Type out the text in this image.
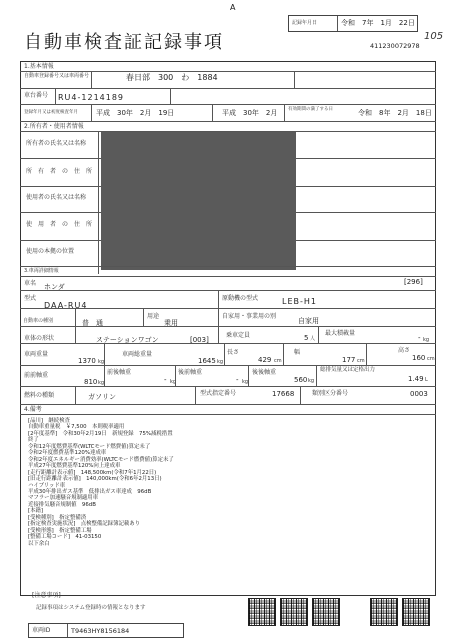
A
自動車検査証記録事項
記録年月日	令和　7年　1月　22日
105
411230072978
1.基本情報
自動車登録番号又は車両番号	春日部　300　わ　1884
車台番号 RU4-1214189
登録年月又は初度検査年月	平成　30年　2月　19日	平成　30年　2月 有効期間の満了する日	令和　8年　2月　18日
2.所有者・使用者情報
所有者の氏名又は名称
所　有　者　の　住　所
使用者の氏名又は名称
使　用　者　の　住　所
使用の本拠の位置
3.車両詳細情報
車名 ホンダ
[296]
型式
DAA-RU4
原動機の型式	LEB-H1
自動車の種別	普　通
用途
乗用
自家用・事業用の別
自家用
車体の形状	ステーションワゴン	[003]
乗車定員	5 人
最大積載量
- kg
車両重量
1370 kg
車両総重量
1645 kg
長さ
429 cm
幅
177 cm
高さ
160 cm
前前軸重
810 kg
前後軸重
- kg
後前軸重
- kg
後後軸重
560 kg
総排気量又は定格出力
1.49 L
燃料の種類	ガソリン	型式指定番号	17668	類別区分番号	0003
4.備考
[品川]　継続検査
自動車重量税　￥7,500　本則税率適用
[2年度基準]　令和30年2月19日　新規登録　75%減税措置
終了
令和12年度燃費基準(WLTCモード燃費値)算定未了
令和2年度燃費基準120%達成車
令和2年度エネルギー消費効率(WLTCモード燃費値)算定未了
平成27年度燃費基準120%向上達成車
[走行距離計表示値]　148,500km(令和7年1月22日)
[旧走行距離計表示値]　140,000km(令和6年2月13日)
ハイブリッド車
平成30年排出ガス基準　低排出ガス車達成　96dB
マフラー加速騒音規制適用車
近接排気騒音規制値　96dB
[本籍]
[受検種別]　指定整備済
[指定検査実施状況]　点検整備記録簿記載あり
[受検形態]　指定整備工場
[整備工場コード]　41-03150
以下余白
[注意事項]
記録事項はシステム登録時の情報となります
車両ID	T9463HY8156184
